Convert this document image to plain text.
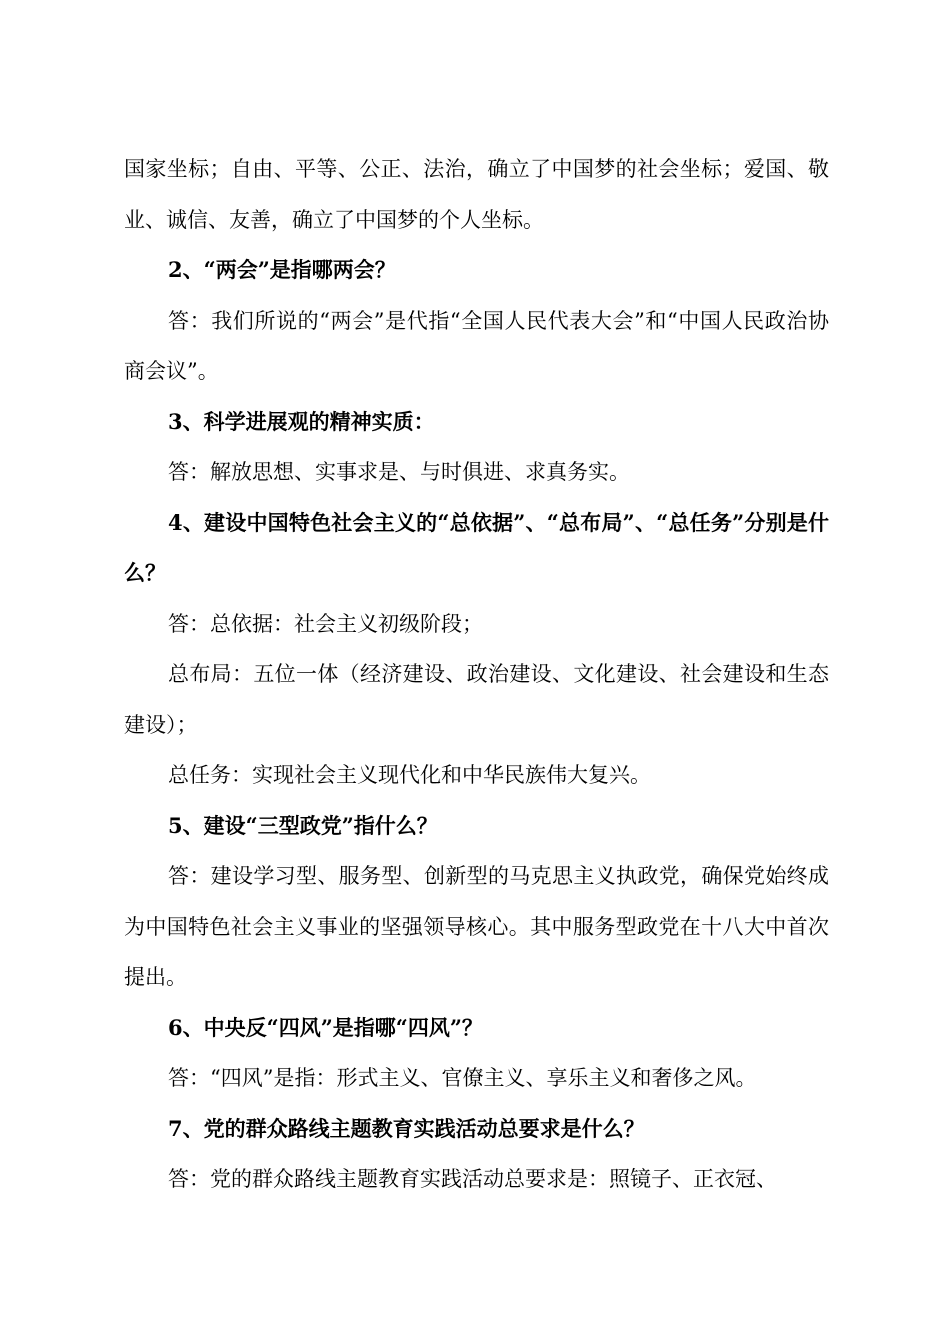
国家坐标；自由、平等、公正、法治，确立了中国梦的社会坐标；爱国、敬业、诚信、友善，确立了中国梦的个人坐标。

2、“两会”是指哪两会？

答：我们所说的“两会”是代指“全国人民代表大会”和“中国人民政治协商会议”。

3、科学进展观的精神实质：

答：解放思想、实事求是、与时俱进、求真务实。

4、建设中国特色社会主义的“总依据”、“总布局”、“总任务”分别是什么？

答：总依据：社会主义初级阶段；

总布局：五位一体（经济建设、政治建设、文化建设、社会建设和生态建设）；

总任务：实现社会主义现代化和中华民族伟大复兴。

5、建设“三型政党”指什么？

答：建设学习型、服务型、创新型的马克思主义执政党，确保党始终成为中国特色社会主义事业的坚强领导核心。其中服务型政党在十八大中首次提出。

6、中央反“四风”是指哪“四风”？

答：“四风”是指：形式主义、官僚主义、享乐主义和奢侈之风。

7、党的群众路线主题教育实践活动总要求是什么？

答：党的群众路线主题教育实践活动总要求是：照镜子、正衣冠、
